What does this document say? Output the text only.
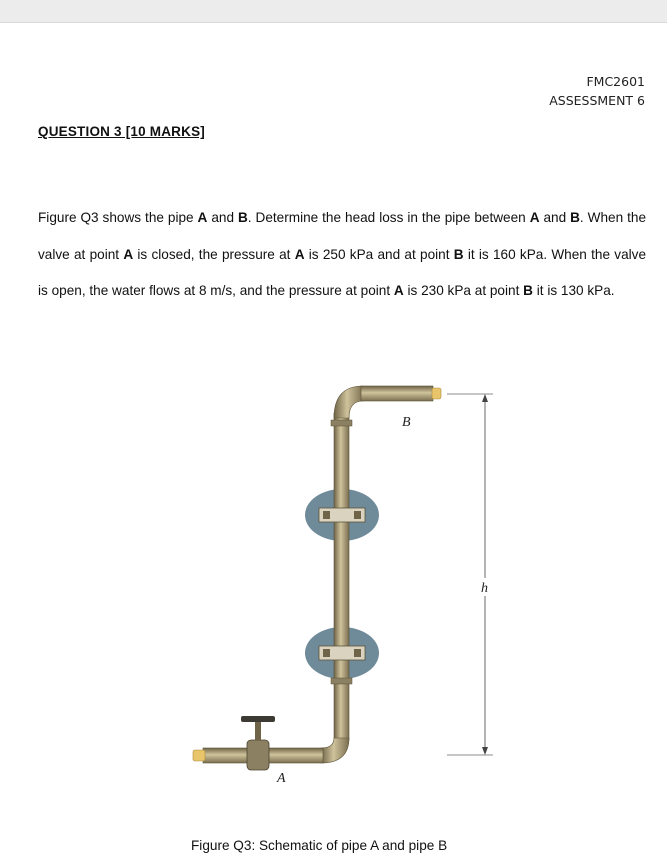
FMC2601
ASSESSMENT 6
QUESTION 3 [10 MARKS]
Figure Q3 shows the pipe A and B. Determine the head loss in the pipe between A and B. When the valve at point A is closed, the pressure at A is 250 kPa and at point B it is 160 kPa. When the valve is open, the water flows at 8 m/s, and the pressure at point A is 230 kPa at point B it is 130 kPa.
B
h
A
Figure Q3: Schematic of pipe A and pipe B
